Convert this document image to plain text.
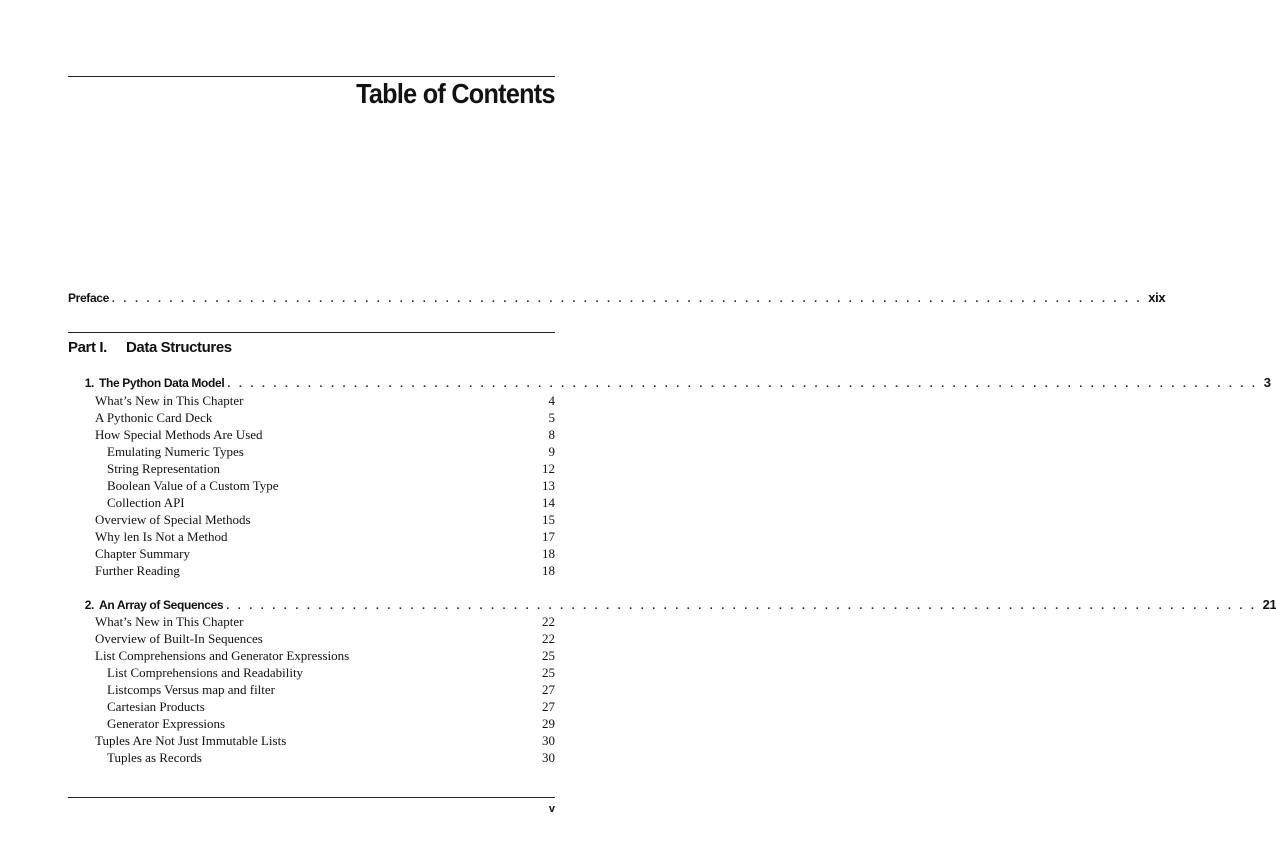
Table of Contents
Preface . . . . . . . . . . . . . . . . . . . . . . . . . . . . . . . . . . . . . . . . . . . . . . . . . . . . . . . . . . . . . . . . . . . . . . . . . . . . . . . . . . . . . . . . . . xix
Part I. Data Structures
1. The Python Data Model . . . . . . . . . . . . . . . . . . . . . . . . . . . . . . . . . . . . . . . . . . . . . . . . . . . . . . . . . . . . . . . . . . . . . . . . . . . . . . . . . . . . . . . . . . 3
What’s New in This Chapter	4
A Pythonic Card Deck	5
How Special Methods Are Used	8
Emulating Numeric Types	9
String Representation	12
Boolean Value of a Custom Type	13
Collection API	14
Overview of Special Methods	15
Why len Is Not a Method	17
Chapter Summary	18
Further Reading	18
2. An Array of Sequences . . . . . . . . . . . . . . . . . . . . . . . . . . . . . . . . . . . . . . . . . . . . . . . . . . . . . . . . . . . . . . . . . . . . . . . . . . . . . . . . . . . . . . . . . . 21
What’s New in This Chapter	22
Overview of Built-In Sequences	22
List Comprehensions and Generator Expressions	25
List Comprehensions and Readability	25
Listcomps Versus map and filter	27
Cartesian Products	27
Generator Expressions	29
Tuples Are Not Just Immutable Lists	30
Tuples as Records	30
v
